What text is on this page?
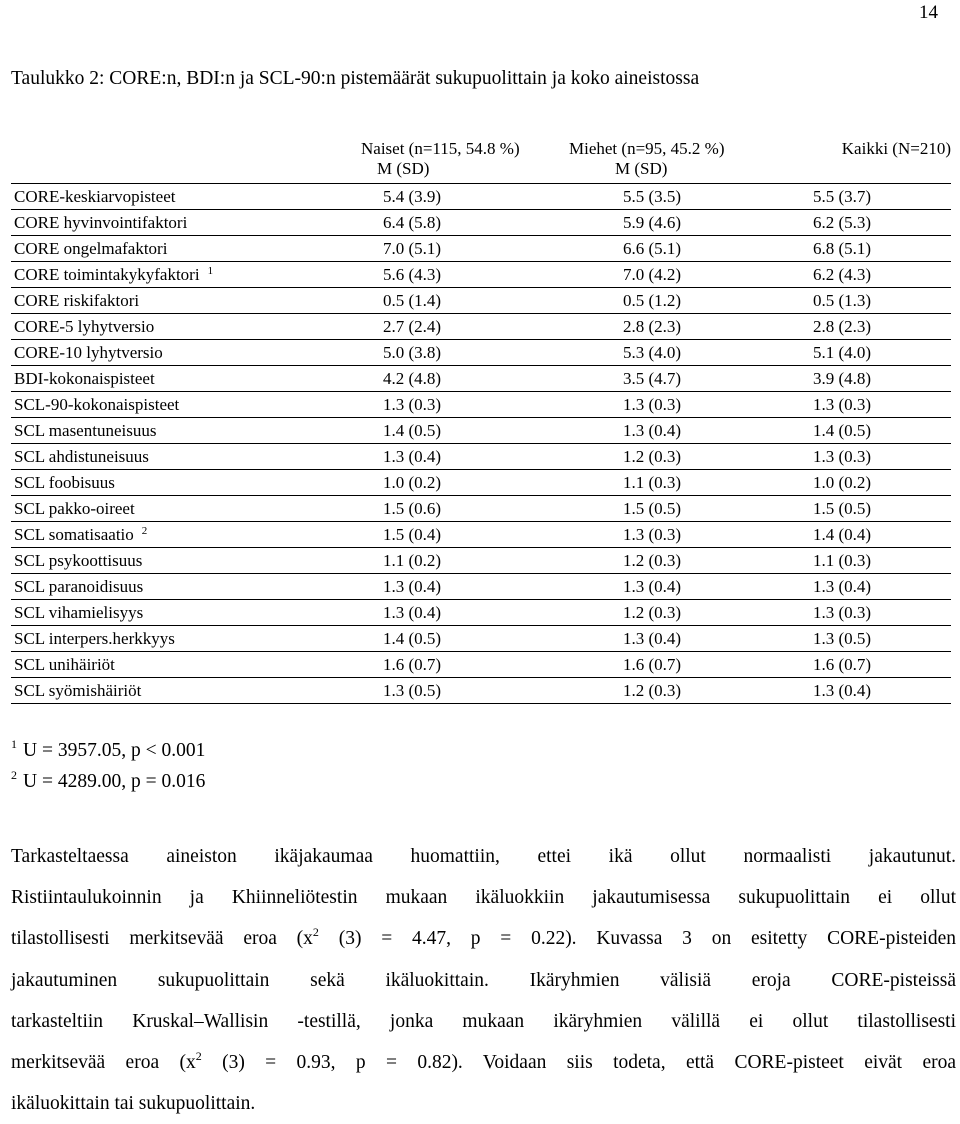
14
Taulukko 2: CORE:n, BDI:n ja SCL-90:n pistemäärät sukupuolittain ja koko aineistossa
	Naiset (n=115, 54.8 %)	Miehet (n=95, 45.2 %)	Kaikki (N=210)
	M (SD)	M (SD)	
CORE-keskiarvopisteet	5.4 (3.9)	5.5 (3.5)	5.5 (3.7)
CORE hyvinvointifaktori	6.4 (5.8)	5.9 (4.6)	6.2 (5.3)
CORE ongelmafaktori	7.0 (5.1)	6.6 (5.1)	6.8 (5.1)
CORE toimintakykyfaktori $^1$	5.6 (4.3)	7.0 (4.2)	6.2 (4.3)
CORE riskifaktori	0.5 (1.4)	0.5 (1.2)	0.5 (1.3)
CORE-5 lyhytversio	2.7 (2.4)	2.8 (2.3)	2.8 (2.3)
CORE-10 lyhytversio	5.0 (3.8)	5.3 (4.0)	5.1 (4.0)
BDI-kokonaispisteet	4.2 (4.8)	3.5 (4.7)	3.9 (4.8)
SCL-90-kokonaispisteet	1.3 (0.3)	1.3 (0.3)	1.3 (0.3)
SCL masentuneisuus	1.4 (0.5)	1.3 (0.4)	1.4 (0.5)
SCL ahdistuneisuus	1.3 (0.4)	1.2 (0.3)	1.3 (0.3)
SCL foobisuus	1.0 (0.2)	1.1 (0.3)	1.0 (0.2)
SCL pakko-oireet	1.5 (0.6)	1.5 (0.5)	1.5 (0.5)
SCL somatisaatio $^2$	1.5 (0.4)	1.3 (0.3)	1.4 (0.4)
SCL psykoottisuus	1.1 (0.2)	1.2 (0.3)	1.1 (0.3)
SCL paranoidisuus	1.3 (0.4)	1.3 (0.4)	1.3 (0.4)
SCL vihamielisyys	1.3 (0.4)	1.2 (0.3)	1.3 (0.3)
SCL interpers.herkkyys	1.4 (0.5)	1.3 (0.4)	1.3 (0.5)
SCL unihäiriöt	1.6 (0.7)	1.6 (0.7)	1.6 (0.7)
SCL syömishäiriöt	1.3 (0.5)	1.2 (0.3)	1.3 (0.4)
$^1$ U = 3957.05, p < 0.001
$^2$ U = 4289.00, p = 0.016
Tarkasteltaessa aineiston ikäjakaumaa huomattiin, ettei ikä ollut normaalisti jakautunut.
Ristiintaulukoinnin ja Khiinneliötestin mukaan ikäluokkiin jakautumisessa sukupuolittain ei ollut
tilastollisesti merkitsevää eroa ($x^2$ (3) = 4.47, p = 0.22). Kuvassa 3 on esitetty CORE-pisteiden
jakautuminen sukupuolittain sekä ikäluokittain. Ikäryhmien välisiä eroja CORE-pisteissä
tarkasteltiin Kruskal–Wallisin -testillä, jonka mukaan ikäryhmien välillä ei ollut tilastollisesti
merkitsevää eroa ($x^2$ (3) = 0.93, p = 0.82). Voidaan siis todeta, että CORE-pisteet eivät eroa
ikäluokittain tai sukupuolittain.
